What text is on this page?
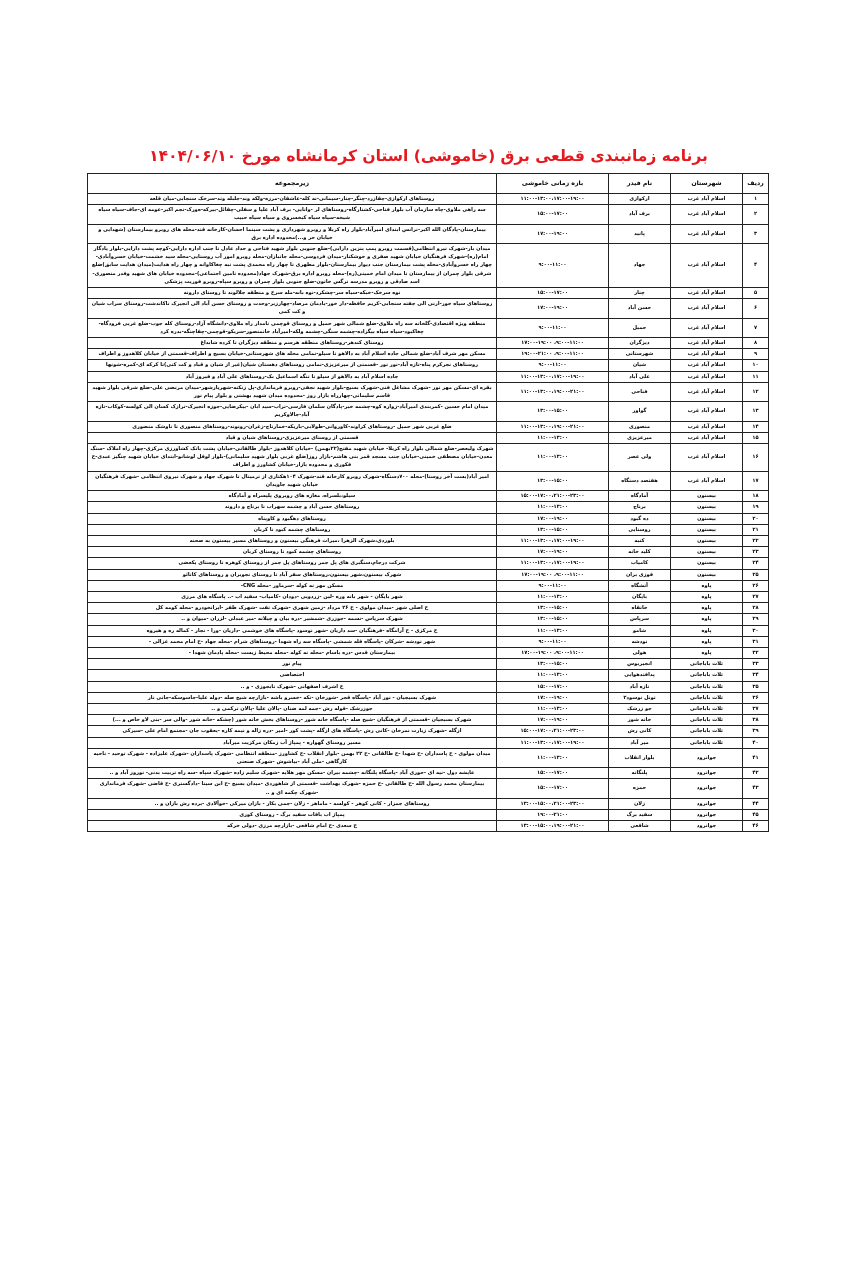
برنامه زمانبندی قطعی برق (خاموشی) استان کرمانشاه مورخ ۱۴۰۴/۰۶/۱۰
ردیف	شهرستان	نام فیدر	بازه زمانی خاموشی	زیرمجموعه
۱	اسلام آباد غرب	ارکوازی	۱۱:۰۰-۱۳:۰۰،۱۷:۰۰-۱۹:۰۰	روستاهای ارکوازی-چقازرد-چنگر-چنار-سیمانی-نه کله-عاشقان-مرزه-ولکه وند-جلبله وند-سرخک سنجابی-میان قلعه
۲	اسلام آباد غرب	برف آباد	۱۵:۰۰-۱۷:۰۰	سه راهی ملاوی-چاه سازمان آب بلوار فتاحی-کشتارگاه-روستاهای لر -وانایی- برف آباد علیا و سفلی-چقائل-بیرکه-ه‌ورک-نجم اکبر-عومه ای-جاف-سیاه سیاه شیخه-سیاه سیاه کبخسروی و سیاه سیاه حبیب
۳	اسلام آباد غرب	پانید	۱۷:۰۰-۱۹:۰۰	بیمارستان-پادگان الله اکبر-ترانس ابتدای امیرآباد-بلوار راه کربلا و روبرو شهرداری و پشت سینما احسان-کارخانه قند-محله های روبرو بیمارستان (شهدایی و خیابان حر و...)محدوده اداره برق
۴	اسلام آباد غرب	جهاد	۹:۰۰-۱۱:۰۰	میدان بار-شهرک نیرو انتظامی(قسمت روبرو پمپ بنزین دارابی)-ضلع جنوبی بلوار شهید فتاحی و حداد عادل تا جنب اداره دارایی-کوچه پشت دارایی-بلوار یادگار امام(ره)-شهرک فرهنگیان خیابان شهید صفری و خوشکنار-میدان فردوسی-محله جانبازان-محله روبرو امور آب روستایی-محله سید خشمت-خیابان خسروآبادی-چهار راه خسروآبادی-محله پشت بیمارستان جنب دیوار بیمارستان-بلوار مطهری تا چهار راه محمدی پشت نبه چغاکاوانه و چهار راه هدایت(میدان هدایت سابق)ضلع شرقی بلوار چمران از بیمارستان تا میدان امام خمینی(ره)-محله روبرو اداره برق-شهرک جهاد(محدوده تامین اجتماعی)-محدوده خیابان های شهید وفدر منصوری-اسد صادقی و روبرو مدرسه نرگس خاتون-ضلع جنوبی بلوار چمران و روبرو سپاه-روبرو فوریت پزشکی
۵	اسلام آباد غرب	چنار	۱۵:۰۰-۱۷:۰۰	نوه سرخک-خبکه-سیاه سر-چشکرد-نوه بانه-مله سرخ و منطقه جلالوند تا روستای دارونه
۶	اسلام آباد غرب	حسن آباد	۱۷:۰۰-۱۹:۰۰	روستاهای سیاه خور-ارنی الی جفته سنجابی-کریم حافظه-دار خور-یادمان مرصاد-چهارزبر-وحدت و روستای حسن آباد الی انجیرک ناکاندشت-روستای سراب شیان و کت کمی
۷	اسلام آباد غرب	حمیل	۹:۰۰-۱۱:۰۰	منطقه ویژه اقتصادی-گلخانه سه راه ملاوی-ضلع شمالی شهر حمیل و روستای قوچمی نامدار راه ملاوی-دانشگاه آزاد-روستای کله جوب-ضلع غربی فرودگاه-چغاکبود-سیاه سیاه بیگزاده-چشمه سنگی-چشمه ولکه-امیرآباد خانمنصور-سربکو-قوچمی-چقاچنگه-بدره کرد
۸	اسلام آباد غرب	دیزگران	۹:۰۰-۱۱:۰۰، ۱۷:۰۰-۱۹:۰۰	روستای کندهر-روستاهای منطقه هرسم و منطقه دیزگران تا کرده شابداغ
۹	اسلام آباد غرب	شهرستانی	۹:۰۰-۱۱:۰۰، ۱۹:۰۰-۲۱:۰۰	مسکن مهر شرف آباد-ضلع شمالی جاده اسلام آباد به دالاهو تا سیلو-نمامی محله های شهرستانی-خیابان بسیج و اطراف-قسمتی از خیابان کلاهدوز و اطراف
۱۰	اسلام آباد غرب	شیان	۹:۰۰-۱۱:۰۰	روستاهای نجرکرم پناه-تازه آباد-نور نور -قسمتی از میرعزیزی-نمامی روستاهای دهستان شیان(غیر از شیان و قباد و کت کنی)تا کرکه ای-کمره-شونها
۱۱	اسلام آباد غرب	علی آباد	۱۱:۰۰-۱۳:۰۰،۱۷:۰۰-۱۹:۰۰	جاده اسلام آباد به دالاهو از سیلو تا تنگه اسماعیل بک-روستاهای علی آباد و فیروز آباد
۱۲	اسلام آباد غرب	فتاحی	۱۱:۰۰-۱۳:۰۰،۱۹:۰۰-۲۱:۰۰	بقره ای-مسکن مهر نور -شهرک مشاغل فنی-شهرک بسیج-بلوار شهید نجفی-روبرو فرمانداری-پل زنکنه-شهریارشهر-میدان مرتضی علی-ضلع شرقی بلوار شهید قاسم سلیمانی-چهارراه بازار روز -محدوده میدان شهید بهشتی و بلوار پیام نور
۱۳	اسلام آباد غرب	گواور	۱۳:۰۰-۱۵:۰۰	میدان امام حسین -کمربندی امیرآباد-زواره کوه-چشمه خبر-پادگان سلمان فارسی-تراب-سید ابان -بیکرضایی-جوزه انجیرک-ترازک کسان الی کولسه-کوکاب-تازه آباد-جالاوکریم
۱۴	اسلام آباد غرب	منصوری	۱۱:۰۰-۱۳:۰۰،۱۹:۰۰-۲۱:۰۰	ضلع غربی شهر حمیل -روستاهای کراوند-کاوروانی-طولابی-باریکه-خمارناج-زغران-رونوند-روستاهای منصوری تا ناوشک منصوری
۱۵	اسلام آباد غرب	میرعزیزی	۱۱:۰۰-۱۳:۰۰	قسمتی از روستای میرعزیزی-روستاهای شیان و قباد
۱۶	اسلام آباد غرب	ولی عصر	۱۱:۰۰-۱۳:۰۰	شهرک ولیعصر-ضلع شمالی بلوار راه کربلا- خیابان شهید مفتح(۲۲بهمن) -خیابان کلاهدوز -بلوار طالقانی-خیابان پشت بانک کشاورزی مرکزی-چهار راه املاک -سنگ معدن-خیابان مصطفی خمینی-خیابان جنب مسجد قمر بنی هاشم-بازار روز(ضلع غربی بلوار شهید سلیمانی)-بلوار لوفل لوشانو-ابتدای خیابان شهید چنگیز عبدی-خ فکوری و محدوده بازار-خیابان کشاورز و اطراف
۱۷	اسلام آباد غرب	هفتصد دستگاه	۱۳:۰۰-۱۵:۰۰	امیر آباد(بست آخر روستا)-محله ۷۰۰دستگاه-شهرک روبرو کارخانه قند-شهرک ۱۰۴هکتاری از ترمینال تا شهرک جهاد و شهرک نیروی انتظامی -شهرک فرهنگیان خیابان شهید جاویدان
۱۸	بیستون	آمادگاه	۱۵:۰۰-۱۷:۰۰،۲۱:۰۰-۲۳:۰۰	سیلو،بلسراه، مغازه های روبروی پلیسراه و آمادگاه
۱۹	بیستون	برناج	۱۱:۰۰-۱۳:۰۰	روستاهای حسن آباد و چشمه سهراب تا برناج و داروند
۲۰	بیستون	ده گبود	۱۷:۰۰-۱۹:۰۰	روستاهای دهگبود و کاوپناه
۲۱	بیستون	روستایی	۱۳:۰۰-۱۵:۰۰	روستاهای چشمه کبود تا کربان
۲۲	بیستون	کتبه	۱۱:۰۰-۱۳:۰۰،۱۷:۰۰-۱۹:۰۰	بلوردی،شهرک الزهرا ،میراث فرهنگی بیستون و روستاهای مسیر بیستون به صحنه
۲۳	بیستون	کلید خانه	۱۷:۰۰-۱۹:۰۰	روستاهای چشمه کبود تا روستای کربان
۲۴	بیستون	کامیاب	۱۱:۰۰-۱۳:۰۰،۱۷:۰۰-۱۹:۰۰	شرکت درجام،سنگبری های پل جمر روستاهای پل جمر از روستای کوهره تا روستای یکعضی
۲۵	بیستون	فوزی بران	۹:۰۰-۱۱:۰۰، ۱۷:۰۰-۱۹:۰۰	شهرک بیستون،شهر بیستون،روستاهای سفر آباد تا روستای نجوبران و روستاهای کانائو
۲۶	پاوه	آتشگاه	۹:۰۰-۱۱:۰۰	مسکن مهر نه کوله -سرماور -محله CNG-
۲۷	پاوه	بایگان	۱۱:۰۰-۱۳:۰۰	شهر بایگان - شهر بانه وره -لین -زردویی -دودان -کامیاب- سفید اب -.. پاسگاه های مرزی
۲۸	پاوه	خانقاه	۱۳:۰۰-۱۵:۰۰	خ اصلی شهر -میدان مولوی - خ ۲۶ مرداد -زمین شهری -شهرک نفت -شهرک ظفر -ایرانخودرو -محله کومه کل
۲۹	پاوه	سرپاس	۱۳:۰۰-۱۵:۰۰	شهرک سرپاس -نسمه -جوزری -شمشیر -دره بیان و چیلانه -میر عبدلی -لزران -میوان و ..
۳۰	پاوه	شامو	۱۱:۰۰-۱۳:۰۰	خ مرکزی - خ آرامگاه -فرهنگیان -سد داریان -شهر نوسود -پاسگاه های خوشمی -داریان -ورا - نجار - کماله ره و هیروه
۳۱	پاوه	نودشه	۹:۰۰-۱۱:۰۰	شهر نودشه -شرکان -پاسگاه قله شمشی -پاسگاه سه راه شهدا -روستاهای شرام -محله جهاد -خ امام محمد غزالی -
۳۲	پاوه	هولی	۹:۰۰-۱۱:۰۰، ۱۷:۰۰-۱۹:۰۰	بیمارستان قدس -دره باسام -محله نه کوله -محله محیط زیست -محله پادمان شهدا -
۳۳	ثلاث باباجانی	انجیربوس	۱۳:۰۰-۱۵:۰۰	پیام نور
۳۴	ثلاث باباجانی	پدافندهوایی	۱۱:۰۰-۱۳:۰۰	اختصاصی
۳۵	ثلاث باباجانی	تازه آباد	۱۵:۰۰-۱۷:۰۰	خ اشرف اصفهانی -شهرک نابجوزی - و ..
۳۶	ثلاث باباجانی	تونل نوسود۲	۱۷:۰۰-۱۹:۰۰	شهرک بسیجیان - نور آباد -پاسگاه قجر -شورخان -نکه -خسرو باشه -بازارچه شیخ صله -دوله علیا-جاسوسکه-جانی نار
۳۷	ثلاث باباجانی	جو زرشک	۱۱:۰۰-۱۳:۰۰	جوزرشک -قوله رش -جمه لمه ضنان -پالان علیا -پالان ترکمی و ..
۳۸	ثلاث باباجانی	خانه شور	۱۷:۰۰-۱۹:۰۰	شهرک بسیجیان -قسمتی از فرهنگیان -شیخ صله -پاسگاه خانه شور -روستاهای بخش خانه شور (چشکه -خانه شور -والی سر -بنی لاو خاص و ...)
۳۹	ثلاث باباجانی	کانی رش	۱۵:۰۰-۱۷:۰۰،۲۱:۰۰-۲۳:۰۰	ازگله -شهرک زیارت نمرخان -کانی رش -پاسگاه های ازگله -پشت کور -امیر -دره زاله و نیمه کاره -یعقوب جان -مجتمع امام علی -سیرکی
۴۰	ثلاث باباجانی	میر آباد	۱۱:۰۰-۱۳:۰۰،۱۷:۰۰-۱۹:۰۰	مسیر روستای گهواره - پمپاژ آب زمکان مرکزیت میرآباد
۴۱	جوانرود	بلوار انقلاب	۱۱:۰۰-۱۳:۰۰	میدان مولوی - خ پاسداران -خ شهدا -خ طالقانی -خ ۲۲ بهمن -بلوار انقلاب -خ کشاورز -منطقه انتظامی -شهرک پاسداران -شهرک علیزاده - شهرک توحید - ناحیه کارگاهی -ملی آباد -بیاشوش -شهرک صنعتی
۴۲	جوانرود	پلنگانه	۱۵:۰۰-۱۷:۰۰	عایشه دول -نیه ای -حوری آباد -پاسگاه پلنگانه -چشمه بیران -مسکن مهر هلایه -شهرک سلیم زاده -شهرک سپاه -سه راه تربیت بدنی- نوروز آباد و ..
۴۳	جوانرود	حمزه	۱۵:۰۰-۱۷:۰۰	بیمارستان محمد رسول الله -خ طالقانی -خ حمزه -شهرک بهداشت -قسمتی از شاهوردی -میدان بسیج -خ ابن سینا -دادگستری -خ قاضی -شهرک فرمانداری -شهرک چکمه ای و ..
۴۴	جوانرود	زلان	۱۳:۰۰-۱۵:۰۰،۲۱:۰۰-۲۳:۰۰	روستاهای جمزار - کانی کوهر - کولسه - ماماهر - زلان -جمی بکار - بازان میرکی -خوآلادی -برده رش بازان و ..
۴۵	جوانرود	سفید برگ	۱۹:۰۰-۲۱:۰۰	پمپاژ اب بافات سفید برگ - روستای کوری
۴۶	جوانرود	شافعی	۱۳:۰۰-۱۵:۰۰،۱۹:۰۰-۲۱:۰۰	خ سعدی -خ امام شافعی -بازارچه مرزی -دولی خرکه
